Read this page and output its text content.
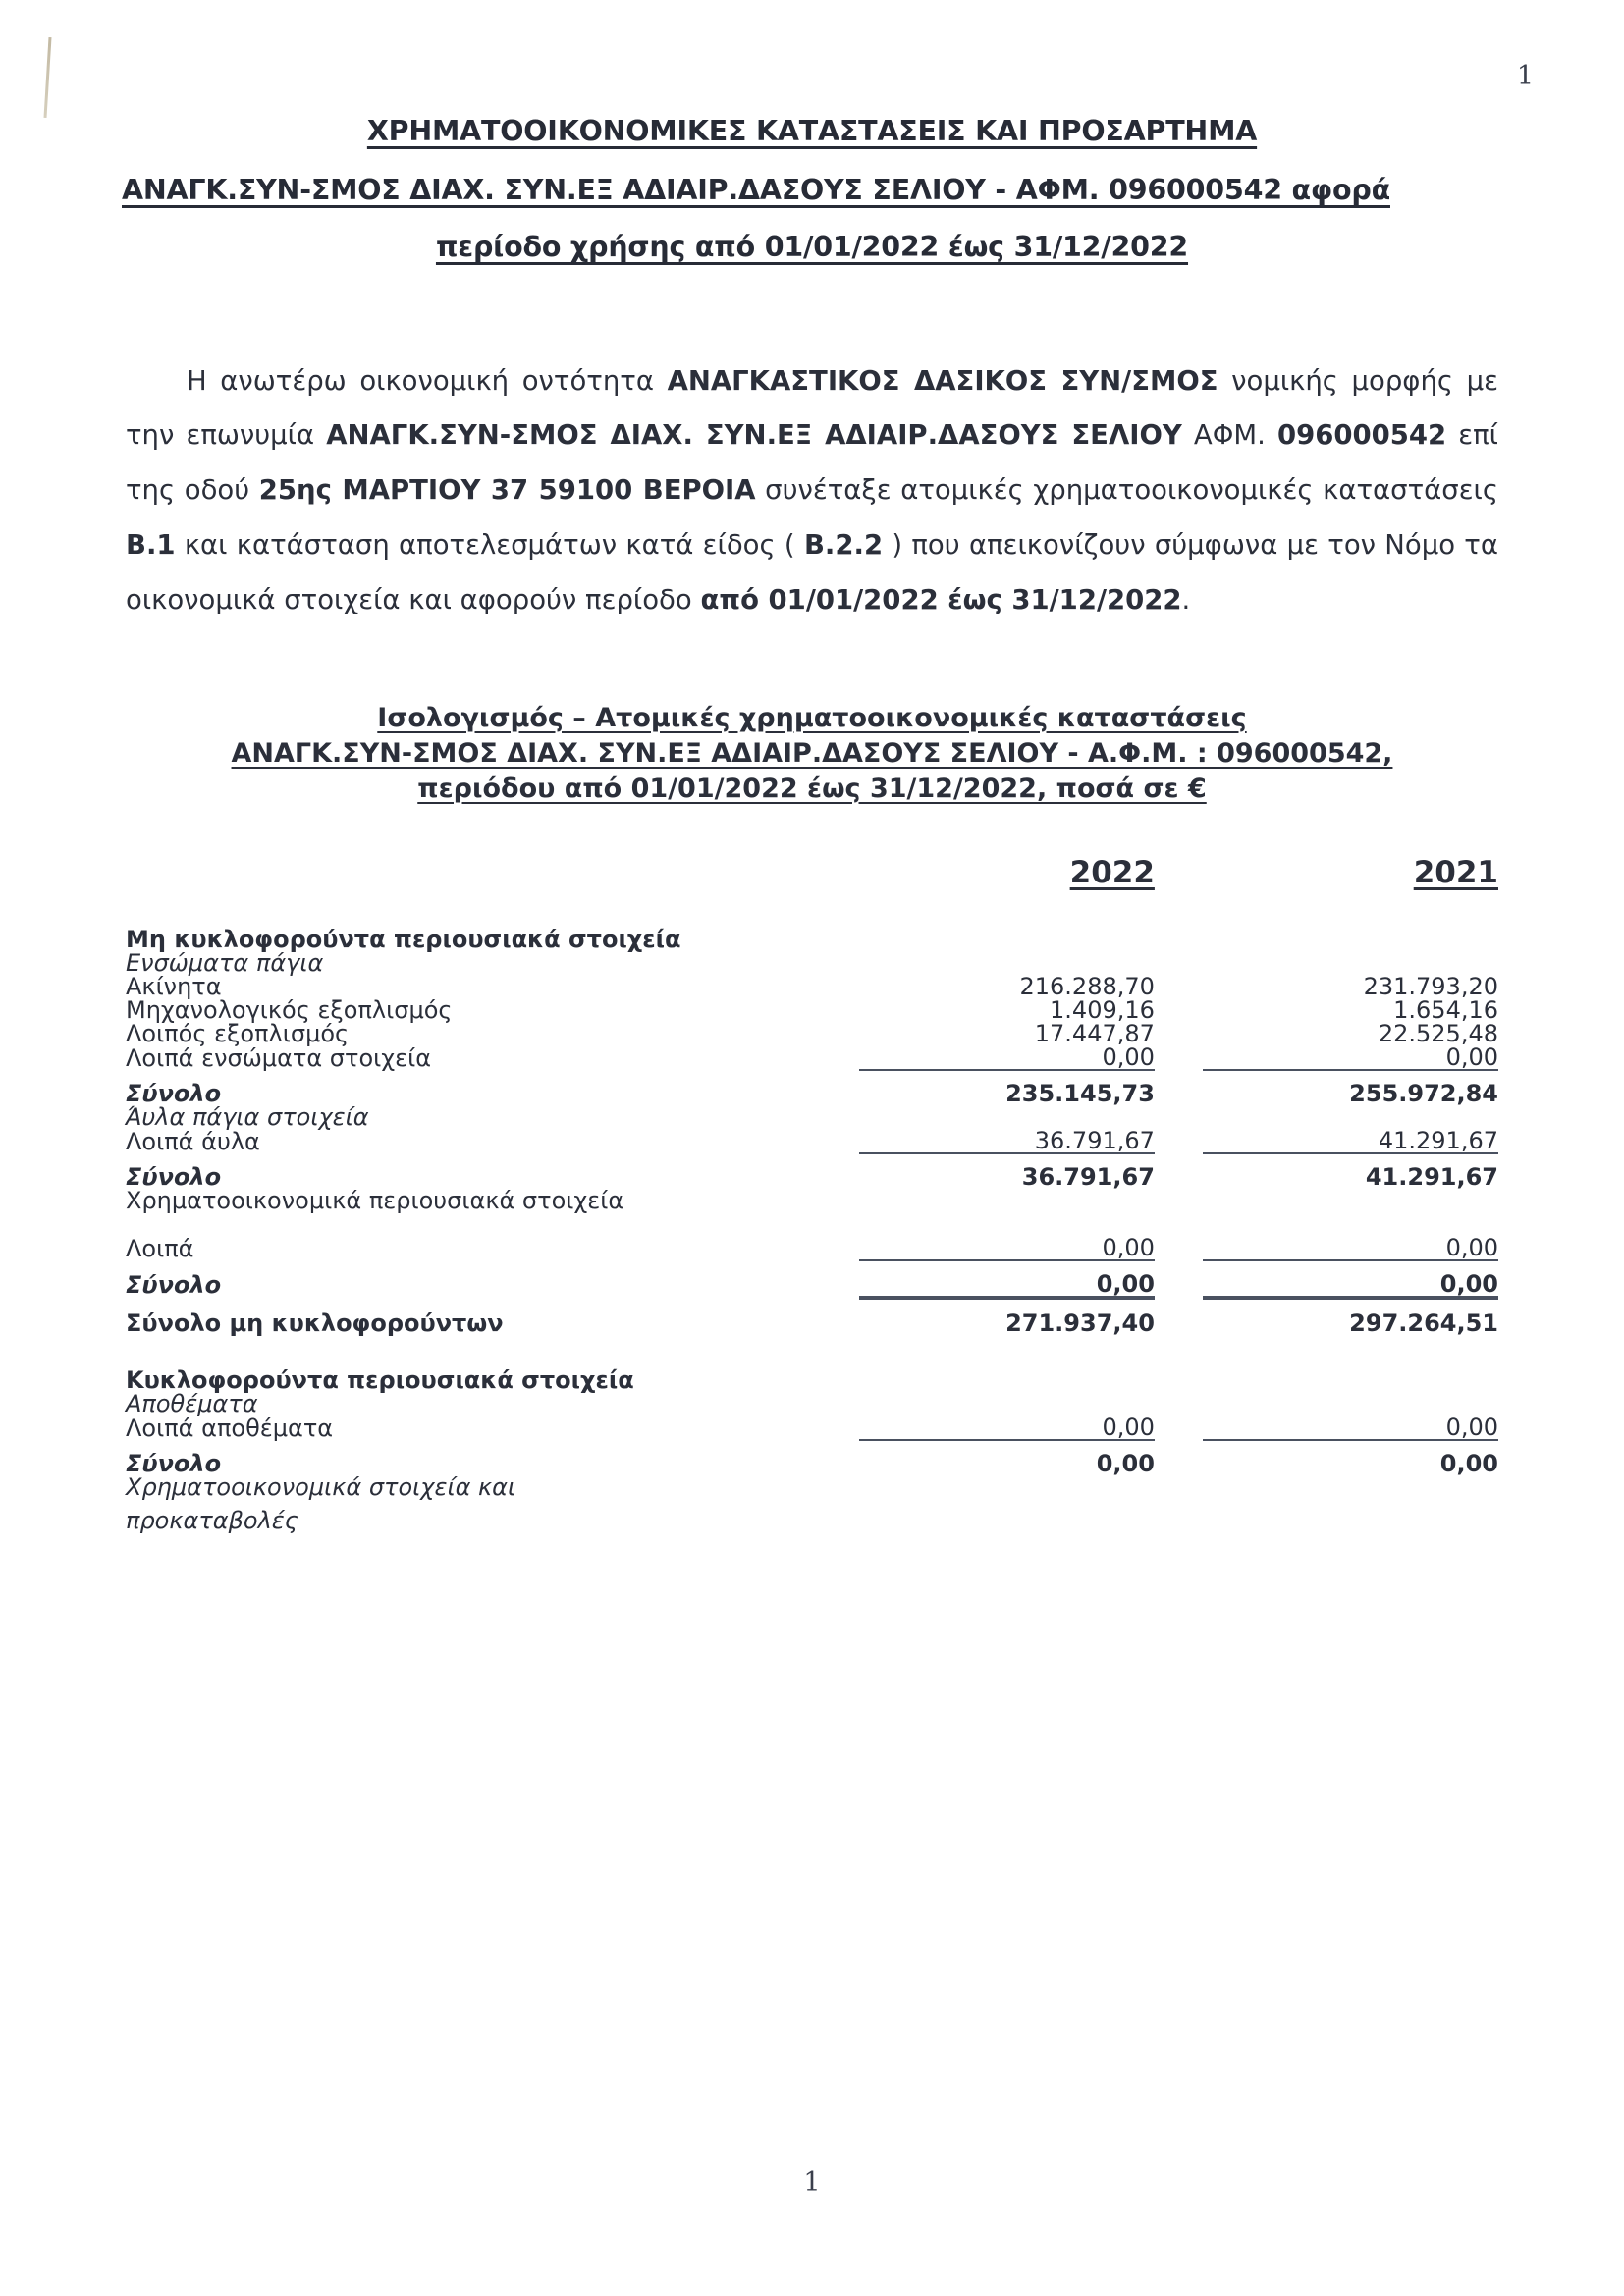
1
ΧΡΗΜΑΤΟΟΙΚΟΝΟΜΙΚΕΣ ΚΑΤΑΣΤΑΣΕΙΣ ΚΑΙ ΠΡΟΣΑΡΤΗΜΑ
ΑΝΑΓΚ.ΣΥΝ-ΣΜΟΣ ΔΙΑΧ. ΣΥΝ.ΕΞ ΑΔΙΑΙΡ.ΔΑΣΟΥΣ ΣΕΛΙΟΥ - ΑΦΜ. 096000542 αφορά
περίοδο χρήσης από 01/01/2022 έως 31/12/2022

Η ανωτέρω οικονομική οντότητα ΑΝΑΓΚΑΣΤΙΚΟΣ ΔΑΣΙΚΟΣ ΣΥΝ/ΣΜΟΣ νομικής μορφής με την επωνυμία ΑΝΑΓΚ.ΣΥΝ-ΣΜΟΣ ΔΙΑΧ. ΣΥΝ.ΕΞ ΑΔΙΑΙΡ.ΔΑΣΟΥΣ ΣΕΛΙΟΥ ΑΦΜ. 096000542 επί της οδού 25ης ΜΑΡΤΙΟΥ 37 59100 ΒΕΡΟΙΑ συνέταξε ατομικές χρηματοοικονομικές καταστάσεις Β.1 και κατάσταση αποτελεσμάτων κατά είδος ( Β.2.2 ) που απεικονίζουν σύμφωνα με τον Νόμο τα οικονομικά στοιχεία και αφορούν περίοδο από 01/01/2022 έως 31/12/2022.

Ισολογισμός – Ατομικές χρηματοοικονομικές καταστάσεις
ΑΝΑΓΚ.ΣΥΝ-ΣΜΟΣ ΔΙΑΧ. ΣΥΝ.ΕΞ ΑΔΙΑΙΡ.ΔΑΣΟΥΣ ΣΕΛΙΟΥ - Α.Φ.Μ. : 096000542,
περιόδου από 01/01/2022 έως 31/12/2022, ποσά σε €
	2022		2021

Μη κυκλοφορούντα περιουσιακά στοιχεία			
Ενσώματα πάγια			
Ακίνητα	216.288,70		231.793,20
Μηχανολογικός εξοπλισμός	1.409,16		1.654,16
Λοιπός εξοπλισμός	17.447,87		22.525,48
Λοιπά ενσώματα στοιχεία	0,00		0,00
Σύνολο	235.145,73		255.972,84
Άυλα πάγια στοιχεία			
Λοιπά άυλα	36.791,67		41.291,67
Σύνολο	36.791,67		41.291,67
Χρηματοοικονομικά περιουσιακά στοιχεία			
Λοιπά	0,00		0,00
Σύνολο	0,00		0,00
Σύνολο μη κυκλοφορούντων	271.937,40		297.264,51
Κυκλοφορούντα περιουσιακά στοιχεία			
Αποθέματα			
Λοιπά αποθέματα	0,00		0,00
Σύνολο	0,00		0,00
Χρηματοοικονομικά στοιχεία και
προκαταβολές			

1
